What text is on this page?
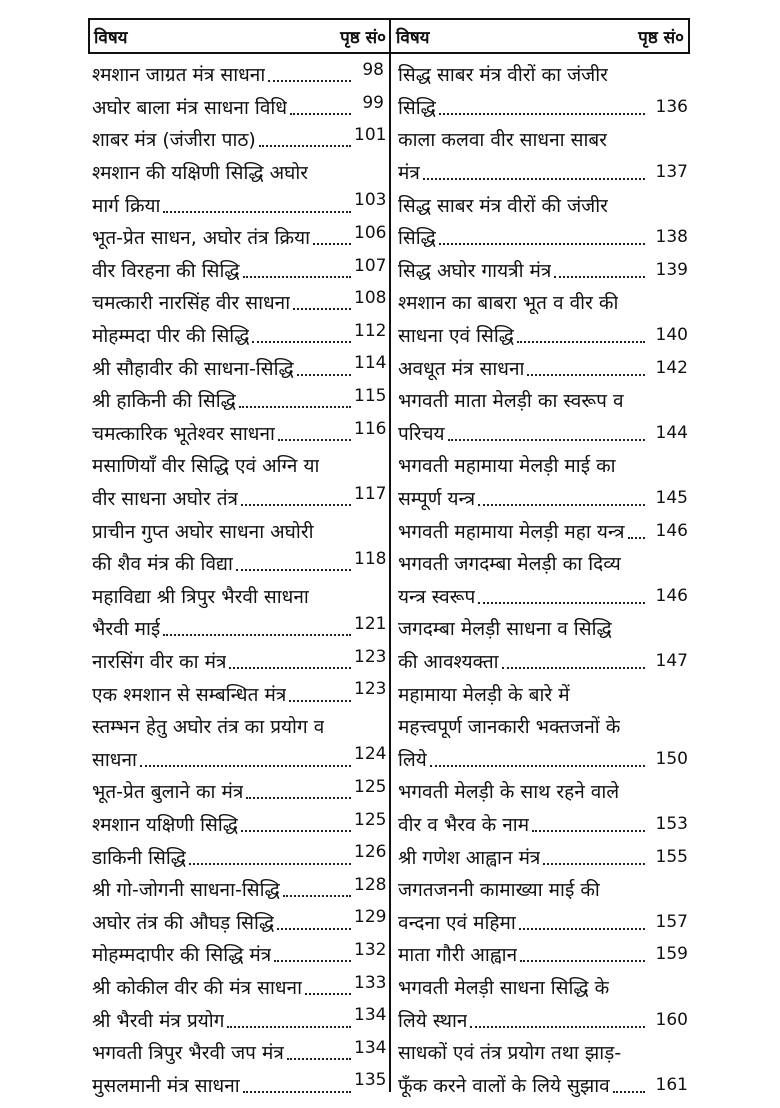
विषय	पृष्ठ सं० विषय	पृष्ठ सं०
श्मशान जाग्रत मंत्र साधना	98
अघोर बाला मंत्र साधना विधि	99
शाबर मंत्र (जंजीरा पाठ)	101
श्मशान की यक्षिणी सिद्धि अघोर
मार्ग क्रिया	103
भूत-प्रेत साधन, अघोर तंत्र क्रिया	106
वीर विरहना की सिद्धि	107
चमत्कारी नारसिंह वीर साधना	108
मोहम्मदा पीर की सिद्धि	112
श्री सौहावीर की साधना-सिद्धि	114
श्री हाकिनी की सिद्धि	115
चमत्कारिक भूतेश्वर साधना	116
मसाणियाँ वीर सिद्धि एवं अग्नि या
वीर साधना अघोर तंत्र	117
प्राचीन गुप्त अघोर साधना अघोरी
की शैव मंत्र की विद्या	118
महाविद्या श्री त्रिपुर भैरवी साधना
भैरवी माई	121
नारसिंग वीर का मंत्र	123
एक श्मशान से सम्बन्धित मंत्र	123
स्तम्भन हेतु अघोर तंत्र का प्रयोग व
साधना	124
भूत-प्रेत बुलाने का मंत्र	125
श्मशान यक्षिणी सिद्धि	125
डाकिनी सिद्धि	126
श्री गो-जोगनी साधना-सिद्धि	128
अघोर तंत्र की औघड़ सिद्धि	129
मोहम्मदापीर की सिद्धि मंत्र	132
श्री कोकील वीर की मंत्र साधना	133
श्री भैरवी मंत्र प्रयोग	134
भगवती त्रिपुर भैरवी जप मंत्र	134
मुसलमानी मंत्र साधना	135
सिद्ध साबर मंत्र वीरों का जंजीर
सिद्धि	136
काला कलवा वीर साधना साबर
मंत्र	137
सिद्ध साबर मंत्र वीरों की जंजीर
सिद्धि	138
सिद्ध अघोर गायत्री मंत्र	139
श्मशान का बाबरा भूत व वीर की
साधना एवं सिद्धि	140
अवधूत मंत्र साधना	142
भगवती माता मेलड़ी का स्वरूप व
परिचय	144
भगवती महामाया मेलड़ी माई का
सम्पूर्ण यन्त्र	145
भगवती महामाया मेलड़ी महा यन्त्र	146
भगवती जगदम्बा मेलड़ी का दिव्य
यन्त्र स्वरूप	146
जगदम्बा मेलड़ी साधना व सिद्धि
की आवश्यक्ता	147
महामाया मेलड़ी के बारे में
महत्त्वपूर्ण जानकारी भक्तजनों के
लिये	150
भगवती मेलड़ी के साथ रहने वाले
वीर व भैरव के नाम	153
श्री गणेश आह्वान मंत्र	155
जगतजननी कामाख्या माई की
वन्दना एवं महिमा	157
माता गौरी आह्वान	159
भगवती मेलड़ी साधना सिद्धि के
लिये स्थान	160
साधकों एवं तंत्र प्रयोग तथा झाड़-
फूँक करने वालों के लिये सुझाव	161
